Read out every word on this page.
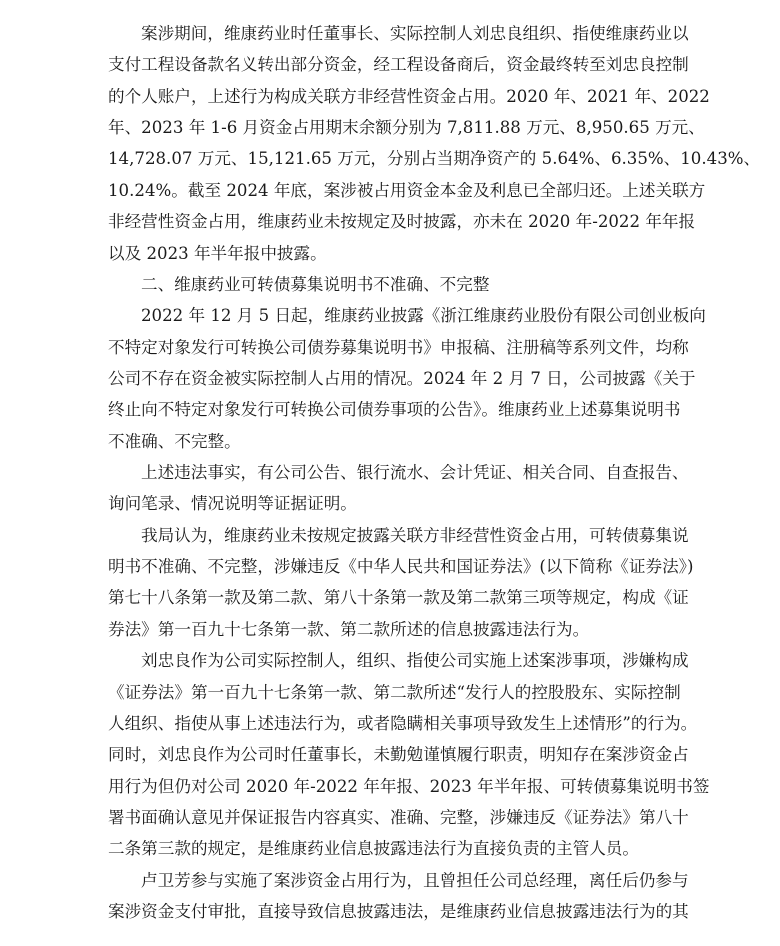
案涉期间，维康药业时任董事长、实际控制人刘忠良组织、指使维康药业以
支付工程设备款名义转出部分资金，经工程设备商后，资金最终转至刘忠良控制
的个人账户，上述行为构成关联方非经营性资金占用。2020 年、2021 年、2022
年、2023 年 1-6 月资金占用期末余额分别为 7,811.88 万元、8,950.65 万元、
14,728.07 万元、15,121.65 万元，分别占当期净资产的 5.64%、6.35%、10.43%、
10.24%。截至 2024 年底，案涉被占用资金本金及利息已全部归还。上述关联方
非经营性资金占用，维康药业未按规定及时披露，亦未在 2020 年-2022 年年报
以及 2023 年半年报中披露。

二、维康药业可转债募集说明书不准确、不完整

2022 年 12 月 5 日起，维康药业披露《浙江维康药业股份有限公司创业板向
不特定对象发行可转换公司债券募集说明书》申报稿、注册稿等系列文件，均称
公司不存在资金被实际控制人占用的情况。2024 年 2 月 7 日，公司披露《关于
终止向不特定对象发行可转换公司债券事项的公告》。维康药业上述募集说明书
不准确、不完整。

上述违法事实，有公司公告、银行流水、会计凭证、相关合同、自查报告、
询问笔录、情况说明等证据证明。

我局认为，维康药业未按规定披露关联方非经营性资金占用，可转债募集说
明书不准确、不完整，涉嫌违反《中华人民共和国证券法》(以下简称《证券法》)
第七十八条第一款及第二款、第八十条第一款及第二款第三项等规定，构成《证
券法》第一百九十七条第一款、第二款所述的信息披露违法行为。

刘忠良作为公司实际控制人，组织、指使公司实施上述案涉事项，涉嫌构成
《证券法》第一百九十七条第一款、第二款所述“发行人的控股股东、实际控制
人组织、指使从事上述违法行为，或者隐瞒相关事项导致发生上述情形”的行为。
同时，刘忠良作为公司时任董事长，未勤勉谨慎履行职责，明知存在案涉资金占
用行为但仍对公司 2020 年-2022 年年报、2023 年半年报、可转债募集说明书签
署书面确认意见并保证报告内容真实、准确、完整，涉嫌违反《证券法》第八十
二条第三款的规定，是维康药业信息披露违法行为直接负责的主管人员。

卢卫芳参与实施了案涉资金占用行为，且曾担任公司总经理，离任后仍参与
案涉资金支付审批，直接导致信息披露违法，是维康药业信息披露违法行为的其
